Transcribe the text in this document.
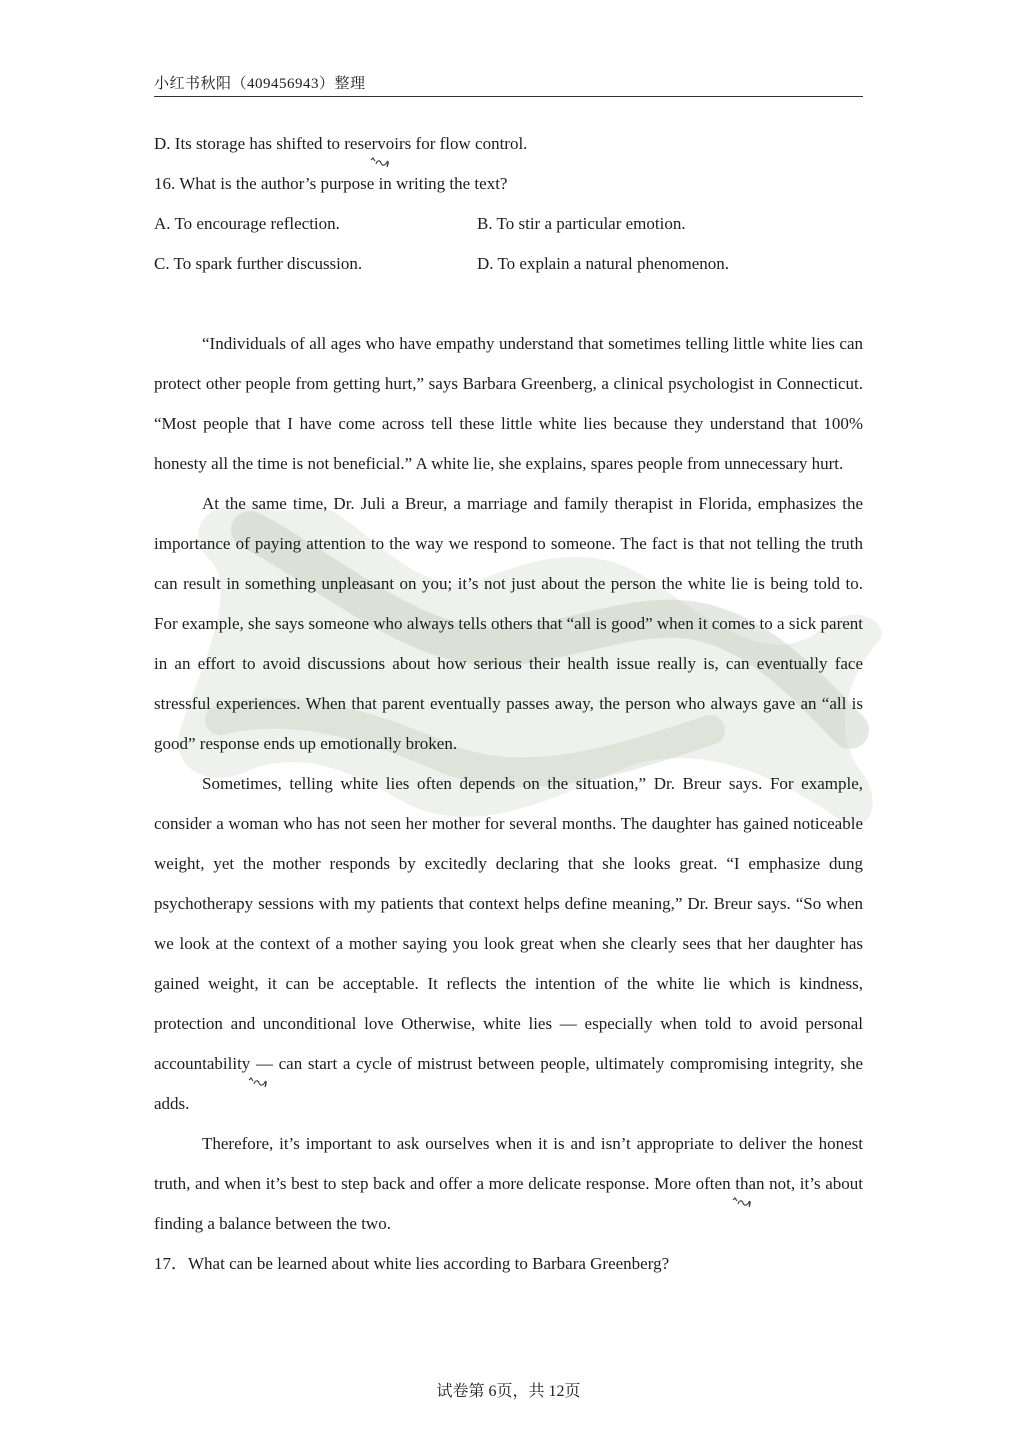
小红书秋阳（409456943）整理
D. Its storage has shifted to reservoirs for flow control.
16. What is the author’s purpose in writing the text?
A. To encourage reflection.	B. To stir a particular emotion.
C. To spark further discussion.	D. To explain a natural phenomenon.

“Individuals of all ages who have empathy understand that sometimes telling little white lies can protect other people from getting hurt,” says Barbara Greenberg, a clinical psychologist in Connecticut. “Most people that I have come across tell these little white lies because they understand that 100% honesty all the time is not beneficial.” A white lie, she explains, spares people from unnecessary hurt.

At the same time, Dr. Juli a Breur, a marriage and family therapist in Florida, emphasizes the importance of paying attention to the way we respond to someone. The fact is that not telling the truth can result in something unpleasant on you; it’s not just about the person the white lie is being told to. For example, she says someone who always tells others that “all is good” when it comes to a sick parent in an effort to avoid discussions about how serious their health issue really is, can eventually face stressful experiences. When that parent eventually passes away, the person who always gave an “all is good” response ends up emotionally broken.

Sometimes, telling white lies often depends on the situation,” Dr. Breur says. For example, consider a woman who has not seen her mother for several months. The daughter has gained noticeable weight, yet the mother responds by excitedly declaring that she looks great. “I emphasize dung psychotherapy sessions with my patients that context helps define meaning,” Dr. Breur says. “So when we look at the context of a mother saying you look great when she clearly sees that her daughter has gained weight, it can be acceptable. It reflects the intention of the white lie which is kindness, protection and unconditional love Otherwise, white lies — especially when told to avoid personal accountability — can start a cycle of mistrust between people, ultimately compromising integrity, she adds.

Therefore, it’s important to ask ourselves when it is and isn’t appropriate to deliver the honest truth, and when it’s best to step back and offer a more delicate response. More often than not, it’s about finding a balance between the two.

17．What can be learned about white lies according to Barbara Greenberg?
试卷第 6页，共 12页
